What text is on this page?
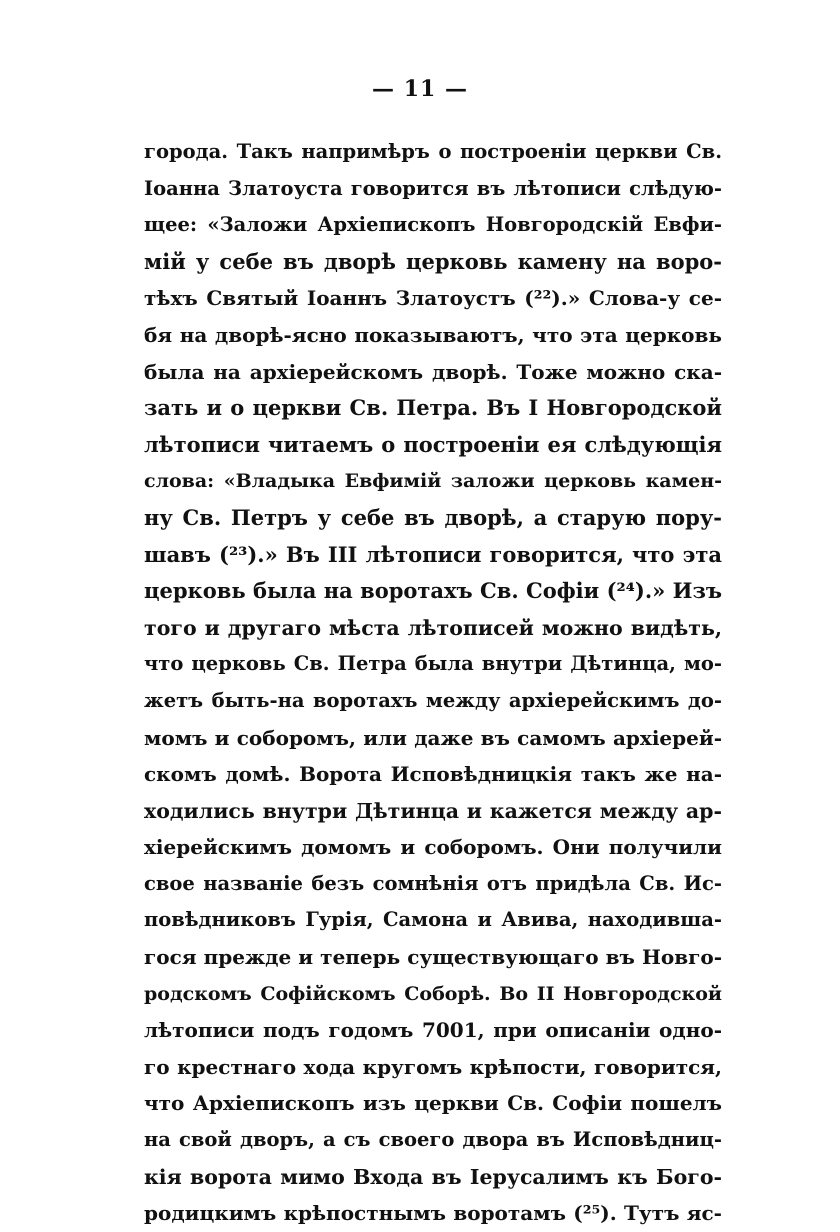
— 11 —
города. Такъ напримѣръ о построеніи церкви Св.
Іоанна Златоуста говорится въ лѣтописи слѣдую-
щее: «Заложи Архіепископъ Новгородскій Евфи-
мій у себе въ дворѣ церковь камену на воро-
тѣхъ Святый Іоаннъ Златоустъ (²²).» Слова-у се-
бя на дворѣ-ясно показываютъ, что эта церковь
была на архіерейскомъ дворѣ. Тоже можно ска-
зать и о церкви Св. Петра. Въ I Новгородской
лѣтописи читаемъ о построеніи ея слѣдующія
слова: «Владыка Евфимій заложи церковь камен-
ну Св. Петръ у себе въ дворѣ, а старую пору-
шавъ (²³).» Въ III лѣтописи говорится, что эта
церковь была на воротахъ Св. Софіи (²⁴).» Изъ
того и другаго мѣста лѣтописей можно видѣть,
что церковь Св. Петра была внутри Дѣтинца, мо-
жетъ быть-на воротахъ между архіерейскимъ до-
момъ и соборомъ, или даже въ самомъ архіерей-
скомъ домѣ. Ворота Исповѣдницкія такъ же на-
ходились внутри Дѣтинца и кажется между ар-
хіерейскимъ домомъ и соборомъ. Они получили
свое названіе безъ сомнѣнія отъ придѣла Св. Ис-
повѣдниковъ Гурія, Самона и Авива, находивша-
гося прежде и теперь существующаго въ Новго-
родскомъ Софійскомъ Соборѣ. Во II Новгородской
лѣтописи подъ годомъ 7001, при описаніи одно-
го крестнаго хода кругомъ крѣпости, говорится,
что Архіепископъ изъ церкви Св. Софіи пошелъ
на свой дворъ, а съ своего двора въ Исповѣдниц-
кія ворота мимо Входа въ Іерусалимъ къ Бого-
родицкимъ крѣпостнымъ воротамъ (²⁵). Тутъ яс-
